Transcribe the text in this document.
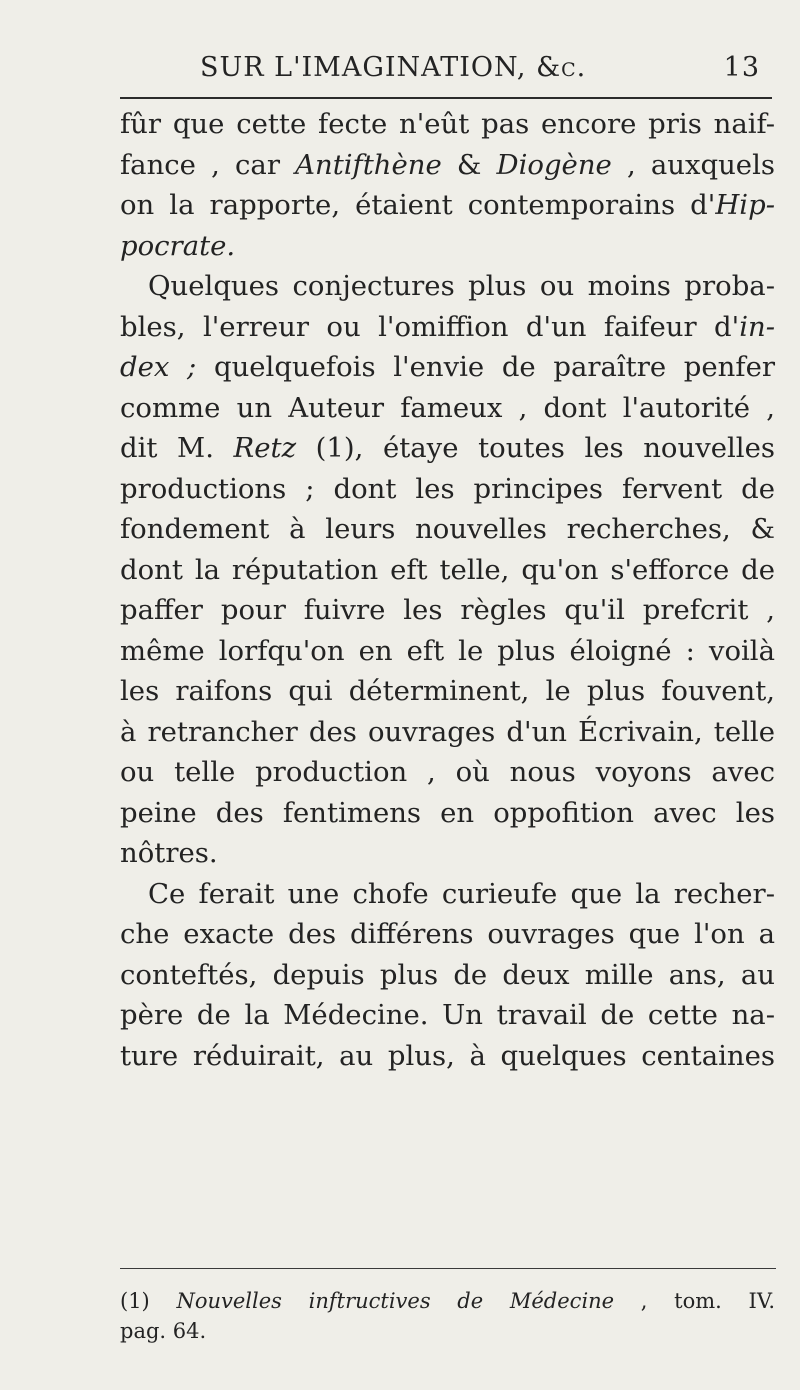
SUR L'IMAGINATION, &c.	13
fûr que cette fecte n'eût pas encore pris naif-
fance , car Antifthène & Diogène , auxquels
on la rapporte, étaient contemporains d'Hip-
pocrate.
Quelques conjectures plus ou moins proba-
bles, l'erreur ou l'omiffion d'un faifeur d'in-
dex ; quelquefois l'envie de paraître penfer
comme un Auteur fameux , dont l'autorité ,
dit M. Retz (1), étaye toutes les nouvelles
productions ; dont les principes fervent de
fondement à leurs nouvelles recherches, &
dont la réputation eft telle, qu'on s'efforce de
paffer pour fuivre les règles qu'il prefcrit ,
même lorfqu'on en eft le plus éloigné : voilà
les raifons qui déterminent, le plus fouvent,
à retrancher des ouvrages d'un Écrivain, telle
ou telle production , où nous voyons avec
peine des fentimens en oppofition avec les
nôtres.
Ce ferait une chofe curieufe que la recher-
che exacte des différens ouvrages que l'on a
conteftés, depuis plus de deux mille ans, au
père de la Médecine. Un travail de cette na-
ture réduirait, au plus, à quelques centaines
(1) Nouvelles inftructives de Médecine , tom. IV.
pag. 64.
